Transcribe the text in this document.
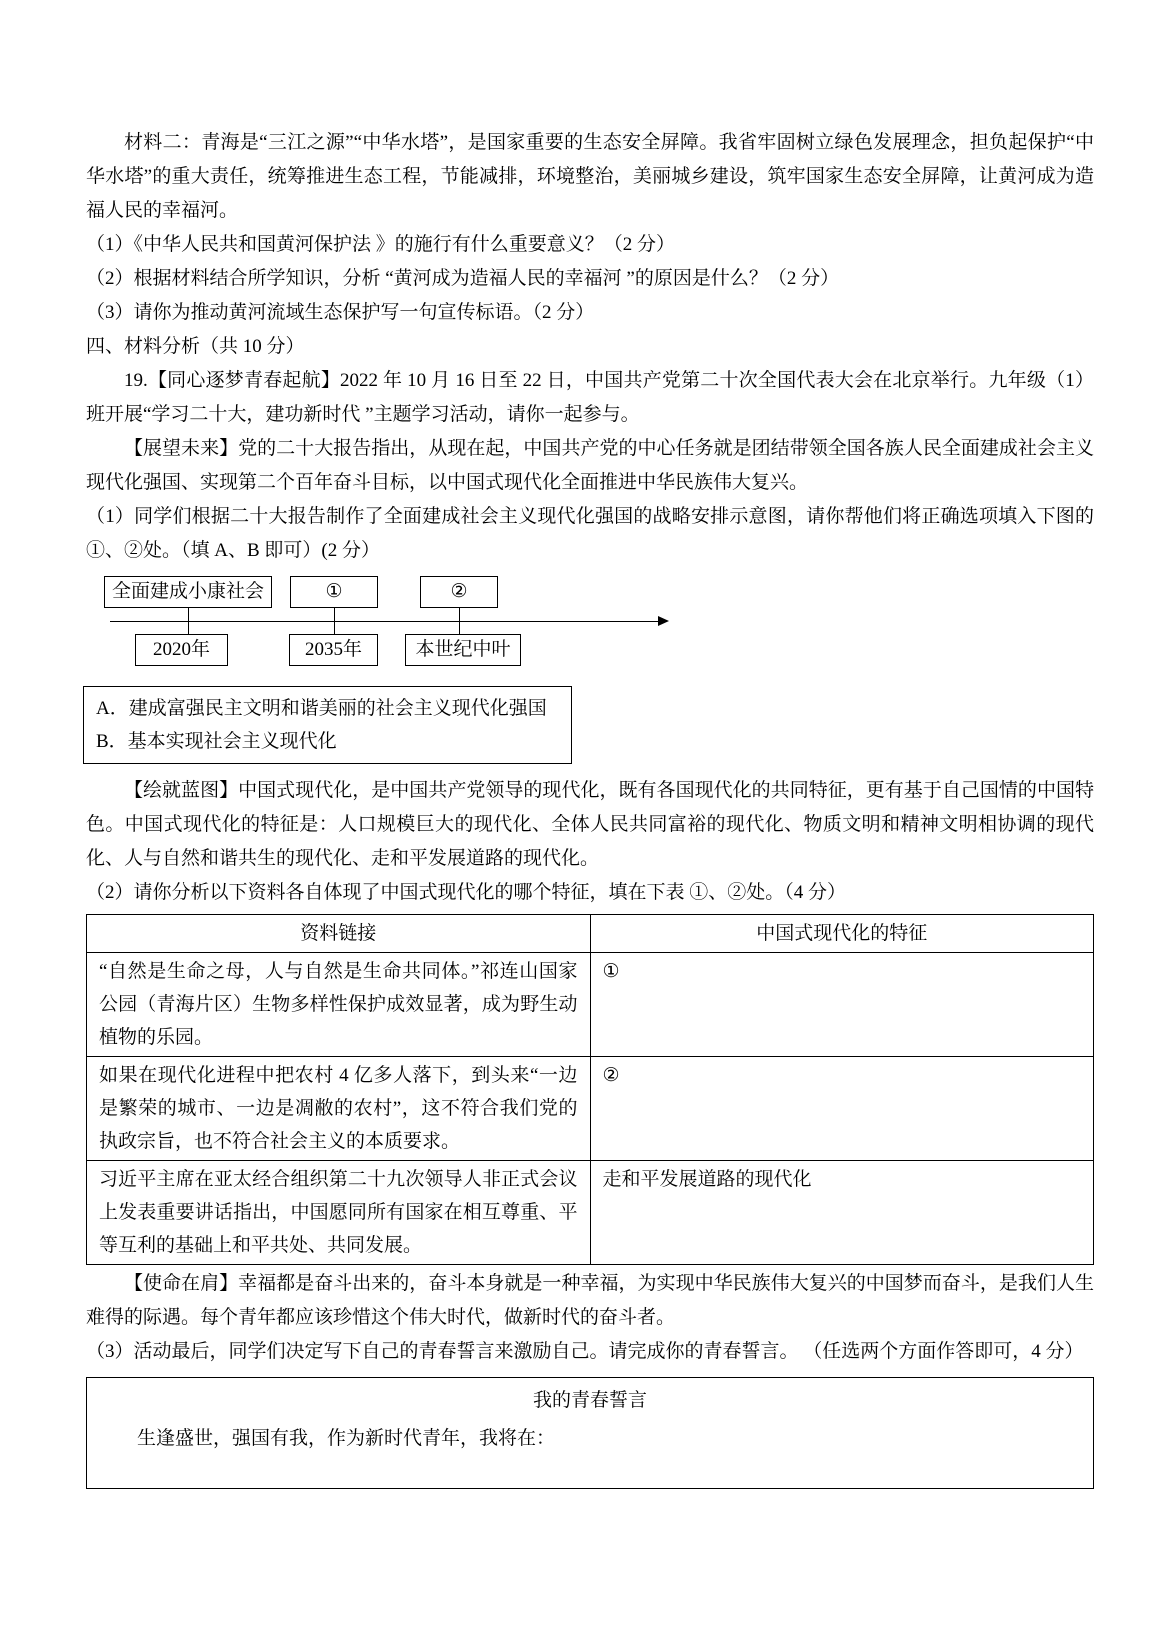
材料二：青海是“三江之源”“中华水塔”，是国家重要的生态安全屏障。我省牢固树立绿色发展理念，担负起保护“中华水塔”的重大责任，统筹推进生态工程，节能减排，环境整治，美丽城乡建设，筑牢国家生态安全屏障，让黄河成为造福人民的幸福河。

（1）《中华人民共和国黄河保护法 》的施行有什么重要意义？（2 分）

（2）根据材料结合所学知识，分析 “黄河成为造福人民的幸福河 ”的原因是什么？（2 分）

（3）请你为推动黄河流域生态保护写一句宣传标语。（2 分）

四、材料分析（共 10 分）

19.【同心逐梦青春起航】2022 年 10 月 16 日至 22 日，中国共产党第二十次全国代表大会在北京举行。九年级（1）班开展“学习二十大，建功新时代 ”主题学习活动，请你一起参与。

【展望未来】党的二十大报告指出，从现在起，中国共产党的中心任务就是团结带领全国各族人民全面建成社会主义现代化强国、实现第二个百年奋斗目标，以中国式现代化全面推进中华民族伟大复兴。

（1）同学们根据二十大报告制作了全面建成社会主义现代化强国的战略安排示意图，请你帮他们将正确选项填入下图的①、②处。（填 A、B 即可）(2 分）

全面建成小康社会	①	②
2020年	2035年	本世纪中叶

A．建成富强民主文明和谐美丽的社会主义现代化强国

B．基本实现社会主义现代化

【绘就蓝图】中国式现代化，是中国共产党领导的现代化，既有各国现代化的共同特征，更有基于自己国情的中国特色。中国式现代化的特征是：人口规模巨大的现代化、全体人民共同富裕的现代化、物质文明和精神文明相协调的现代化、人与自然和谐共生的现代化、走和平发展道路的现代化。

（2）请你分析以下资料各自体现了中国式现代化的哪个特征，填在下表 ①、②处。（4 分）

资料链接	中国式现代化的特征
“自然是生命之母，人与自然是生命共同体。”祁连山国家公园（青海片区）生物多样性保护成效显著，成为野生动植物的乐园。	①
如果在现代化进程中把农村 4 亿多人落下，到头来“一边是繁荣的城市、一边是凋敝的农村”，这不符合我们党的执政宗旨，也不符合社会主义的本质要求。	②
习近平主席在亚太经合组织第二十九次领导人非正式会议上发表重要讲话指出，中国愿同所有国家在相互尊重、平等互利的基础上和平共处、共同发展。	走和平发展道路的现代化

【使命在肩】幸福都是奋斗出来的，奋斗本身就是一种幸福，为实现中华民族伟大复兴的中国梦而奋斗，是我们人生难得的际遇。每个青年都应该珍惜这个伟大时代，做新时代的奋斗者。

（3）活动最后，同学们决定写下自己的青春誓言来激励自己。请完成你的青春誓言。 （任选两个方面作答即可，4 分）

我的青春誓言

生逢盛世，强国有我，作为新时代青年，我将在：
